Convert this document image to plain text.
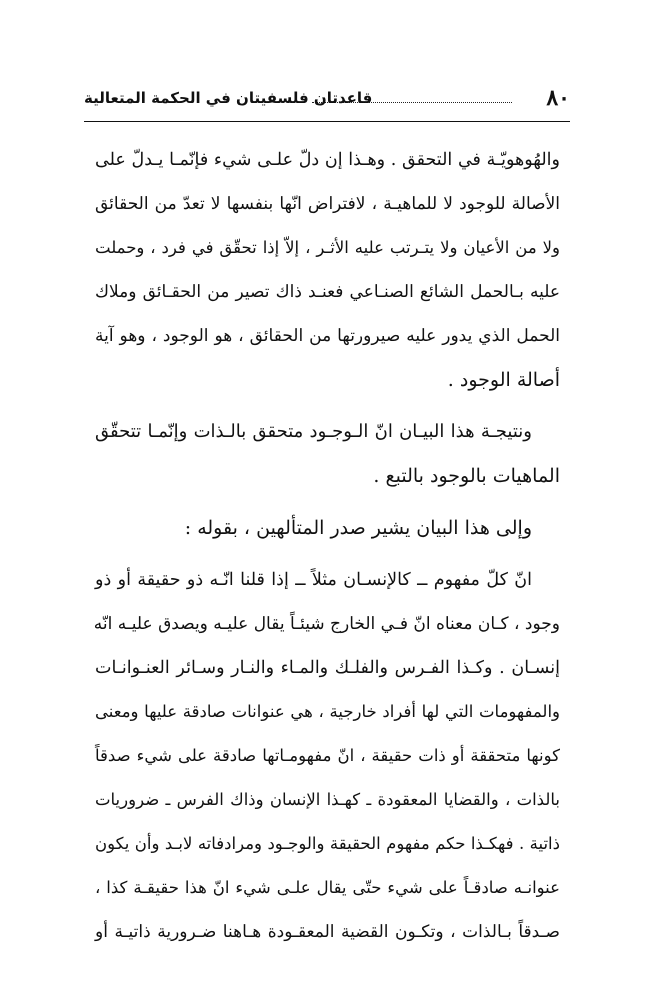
٨٠
قاعدتان فلسفيتان في الحكمة المتعالية
والهُوهويّـة في التحقق . وهـذا إن دلّ علـى شيء فإنّمـا يـدلّ على
الأصالة للوجود لا للماهيـة ، لافتراض انّها بنفسها لا تعدّ من الحقائق
ولا من الأعيان ولا يتـرتب عليه الأثـر ، إلاّ إذا تحقّق في فرد ، وحملت
عليه بـالحمل الشائع الصنـاعي فعنـد ذاك تصير من الحقـائق وملاك
الحمل الذي يدور عليه صيرورتها من الحقائق ، هو الوجود ، وهو آية
أصالة الوجود .
ونتيجـة هذا البيـان انّ الـوجـود متحقق بالـذات وإنّمـا تتحقّق
الماهيات بالوجود بالتبع .
وإلى هذا البيان يشير صدر المتألهين ، بقوله :
انّ كلّ مفهوم ــ كالإنسـان مثلاً ــ إذا قلنا انّـه ذو حقيقة أو ذو
وجود ، كـان معناه انّ فـي الخارج شيئـاً يقال عليـه ويصدق عليـه انّه
إنسـان . وكـذا الفـرس والفلـك والمـاء والنـار وسـائر العنـوانـات
والمفهومات التي لها أفراد خارجية ، هي عنوانات صادقة عليها ومعنى
كونها متحققة أو ذات حقيقة ، انّ مفهومـاتها صادقة على شيء صدقاً
بالذات ، والقضايا المعقودة ـ كهـذا الإنسان وذاك الفرس ـ ضروريات
ذاتية . فهكـذا حكم مفهوم الحقيقة والوجـود ومرادفاته لابـد وأن يكون
عنوانـه صادقـاً على شيء حتّى يقال علـى شيء انّ هذا حقيقـة كذا ،
صـدقاً بـالذات ، وتكـون القضية المعقـودة هـاهنا ضـرورية ذاتيـة أو
